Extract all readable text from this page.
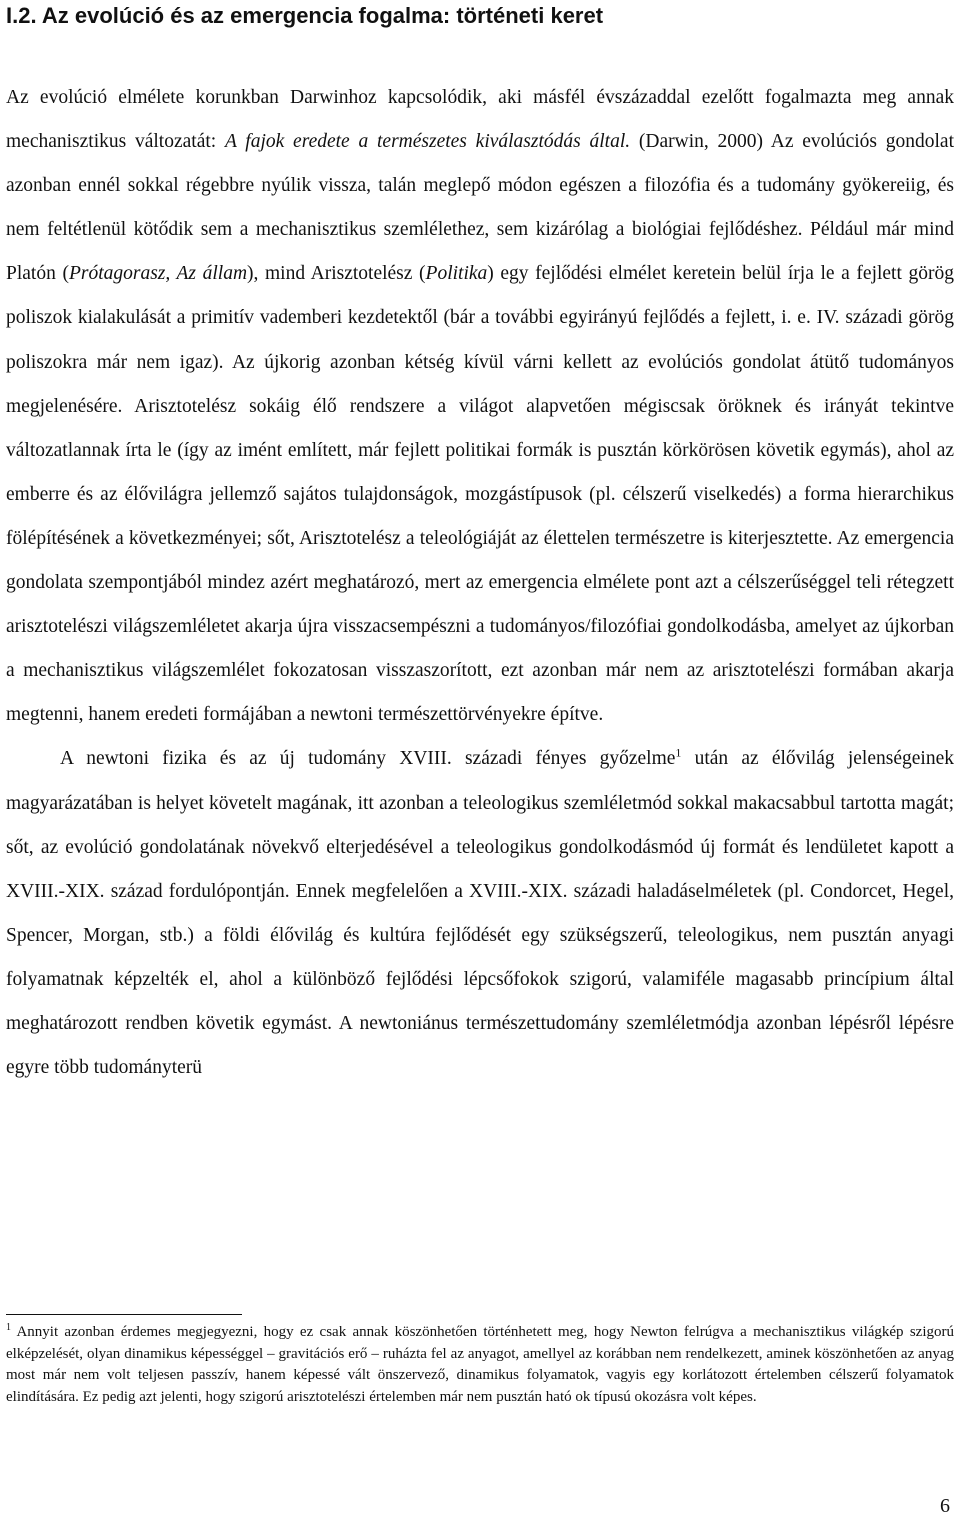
I.2. Az evolúció és az emergencia fogalma: történeti keret

Az evolúció elmélete korunkban Darwinhoz kapcsolódik, aki másfél évszázaddal ezelőtt fogalmazta meg annak mechanisztikus változatát: A fajok eredete a természetes kiválasztódás által. (Darwin, 2000) Az evolúciós gondolat azonban ennél sokkal régebbre nyúlik vissza, talán meglepő módon egészen a filozófia és a tudomány gyökereiig, és nem feltétlenül kötődik sem a mechanisztikus szemlélethez, sem kizárólag a biológiai fejlődéshez. Például már mind Platón (Prótagorasz, Az állam), mind Arisztotelész (Politika) egy fejlődési elmélet keretein belül írja le a fejlett görög poliszok kialakulását a primitív vademberi kezdetektől (bár a további egyirányú fejlődés a fejlett, i. e. IV. századi görög poliszokra már nem igaz). Az újkorig azonban kétség kívül várni kellett az evolúciós gondolat átütő tudományos megjelenésére. Arisztotelész sokáig élő rendszere a világot alapvetően mégiscsak öröknek és irányát tekintve változatlannak írta le (így az imént említett, már fejlett politikai formák is pusztán körkörösen követik egymás), ahol az emberre és az élővilágra jellemző sajátos tulajdonságok, mozgástípusok (pl. célszerű viselkedés) a forma hierarchikus fölépítésének a következményei; sőt, Arisztotelész a teleológiáját az élettelen természetre is kiterjesztette. Az emergencia gondolata szempontjából mindez azért meghatározó, mert az emergencia elmélete pont azt a célszerűséggel teli rétegzett arisztotelészi világszemléletet akarja újra visszacsempészni a tudományos/filozófiai gondolkodásba, amelyet az újkorban a mechanisztikus világszemlélet fokozatosan visszaszorított, ezt azonban már nem az arisztotelészi formában akarja megtenni, hanem eredeti formájában a newtoni természettörvényekre építve.

A newtoni fizika és az új tudomány XVIII. századi fényes győzelme$^1$ után az élővilág jelenségeinek magyarázatában is helyet követelt magának, itt azonban a teleologikus szemléletmód sokkal makacsabbul tartotta magát; sőt, az evolúció gondolatának növekvő elterjedésével a teleologikus gondolkodásmód új formát és lendületet kapott a XVIII.-XIX. század fordulópontján. Ennek megfelelően a XVIII.-XIX. századi haladáselméletek (pl. Condorcet, Hegel, Spencer, Morgan, stb.) a földi élővilág és kultúra fejlődését egy szükségszerű, teleologikus, nem pusztán anyagi folyamatnak képzelték el, ahol a különböző fejlődési lépcsőfokok szigorú, valamiféle magasabb princípium által meghatározott rendben követik egymást. A newtoniánus természettudomány szemléletmódja azonban lépésről lépésre egyre több tudományterü

$^1$ Annyit azonban érdemes megjegyezni, hogy ez csak annak köszönhetően történhetett meg, hogy Newton felrúgva a mechanisztikus világkép szigorú elképzelését, olyan dinamikus képességgel – gravitációs erő – ruházta fel az anyagot, amellyel az korábban nem rendelkezett, aminek köszönhetően az anyag most már nem volt teljesen passzív, hanem képessé vált önszervező, dinamikus folyamatok, vagyis egy korlátozott értelemben célszerű folyamatok elindítására. Ez pedig azt jelenti, hogy szigorú arisztotelészi értelemben már nem pusztán ható ok típusú okozásra volt képes.
6
